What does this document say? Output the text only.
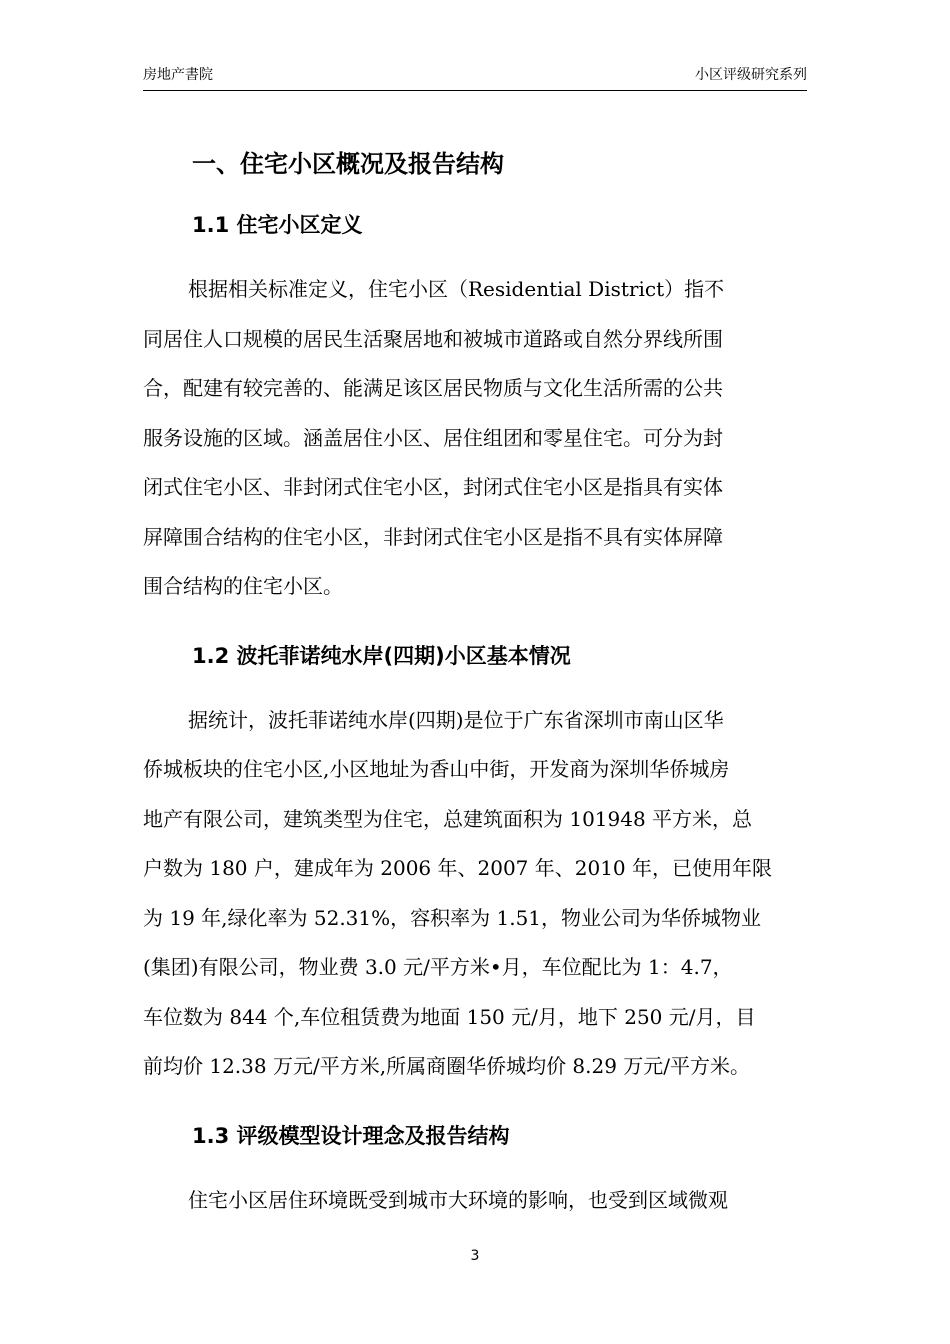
房地产書院	小区评级研究系列
一、住宅小区概况及报告结构
1.1 住宅小区定义

根据相关标准定义，住宅小区（Residential District）指不
同居住人口规模的居民生活聚居地和被城市道路或自然分界线所围
合，配建有较完善的、能满足该区居民物质与文化生活所需的公共
服务设施的区域。涵盖居住小区、居住组团和零星住宅。可分为封
闭式住宅小区、非封闭式住宅小区，封闭式住宅小区是指具有实体
屏障围合结构的住宅小区，非封闭式住宅小区是指不具有实体屏障
围合结构的住宅小区。

1.2 波托菲诺纯水岸(四期)小区基本情况

据统计，波托菲诺纯水岸(四期)是位于广东省深圳市南山区华
侨城板块的住宅小区,小区地址为香山中街，开发商为深圳华侨城房
地产有限公司，建筑类型为住宅，总建筑面积为 101948 平方米，总
户数为 180 户，建成年为 2006 年、2007 年、2010 年，已使用年限
为 19 年,绿化率为 52.31%，容积率为 1.51，物业公司为华侨城物业
(集团)有限公司，物业费 3.0 元/平方米•月，车位配比为 1：4.7，
车位数为 844 个,车位租赁费为地面 150 元/月，地下 250 元/月，目
前均价 12.38 万元/平方米,所属商圈华侨城均价 8.29 万元/平方米。

1.3 评级模型设计理念及报告结构

住宅小区居住环境既受到城市大环境的影响，也受到区域微观

3
